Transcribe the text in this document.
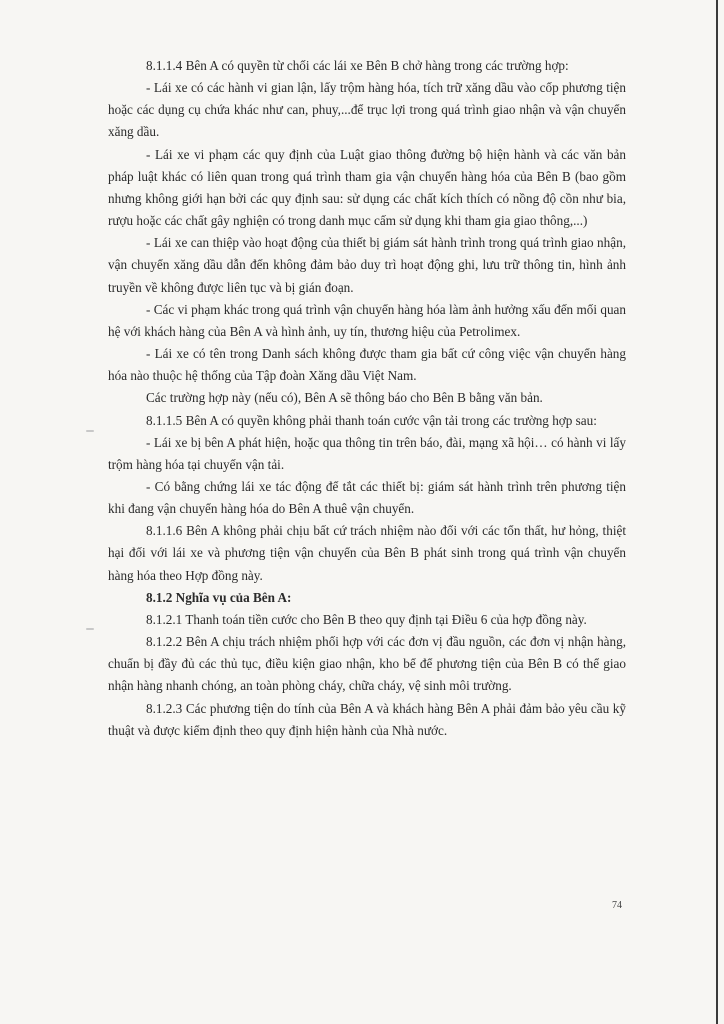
8.1.1.4 Bên A có quyền từ chối các lái xe Bên B chở hàng trong các trường hợp:

- Lái xe có các hành vi gian lận, lấy trộm hàng hóa, tích trữ xăng dầu vào cốp phương tiện hoặc các dụng cụ chứa khác như can, phuy,...để trục lợi trong quá trình giao nhận và vận chuyển xăng dầu.

- Lái xe vi phạm các quy định của Luật giao thông đường bộ hiện hành và các văn bản pháp luật khác có liên quan trong quá trình tham gia vận chuyển hàng hóa của Bên B (bao gồm nhưng không giới hạn bởi các quy định sau: sử dụng các chất kích thích có nồng độ cồn như bia, rượu hoặc các chất gây nghiện có trong danh mục cấm sử dụng khi tham gia giao thông,...)

- Lái xe can thiệp vào hoạt động của thiết bị giám sát hành trình trong quá trình giao nhận, vận chuyển xăng dầu dẫn đến không đảm bảo duy trì hoạt động ghi, lưu trữ thông tin, hình ảnh truyền về không được liên tục và bị gián đoạn.

- Các vi phạm khác trong quá trình vận chuyển hàng hóa làm ảnh hưởng xấu đến mối quan hệ với khách hàng của Bên A và hình ảnh, uy tín, thương hiệu của Petrolimex.

- Lái xe có tên trong Danh sách không được tham gia bất cứ công việc vận chuyển hàng hóa nào thuộc hệ thống của Tập đoàn Xăng dầu Việt Nam.

Các trường hợp này (nếu có), Bên A sẽ thông báo cho Bên B bằng văn bản.

8.1.1.5 Bên A có quyền không phải thanh toán cước vận tải trong các trường hợp sau:

- Lái xe bị bên A phát hiện, hoặc qua thông tin trên báo, đài, mạng xã hội… có hành vi lấy trộm hàng hóa tại chuyến vận tải.

- Có bằng chứng lái xe tác động để tắt các thiết bị: giám sát hành trình trên phương tiện khi đang vận chuyển hàng hóa do Bên A thuê vận chuyển.

8.1.1.6 Bên A không phải chịu bất cứ trách nhiệm nào đối với các tổn thất, hư hỏng, thiệt hại đối với lái xe và phương tiện vận chuyển của Bên B phát sinh trong quá trình vận chuyển hàng hóa theo Hợp đồng này.

8.1.2 Nghĩa vụ của Bên A:

8.1.2.1 Thanh toán tiền cước cho Bên B theo quy định tại Điều 6 của hợp đồng này.

8.1.2.2 Bên A chịu trách nhiệm phối hợp với các đơn vị đầu nguồn, các đơn vị nhận hàng, chuẩn bị đầy đủ các thủ tục, điều kiện giao nhận, kho bể để phương tiện của Bên B có thể giao nhận hàng nhanh chóng, an toàn phòng cháy, chữa cháy, vệ sinh môi trường.

8.1.2.3 Các phương tiện do tính của Bên A và khách hàng Bên A phải đảm bảo yêu cầu kỹ thuật và được kiểm định theo quy định hiện hành của Nhà nước.

74
